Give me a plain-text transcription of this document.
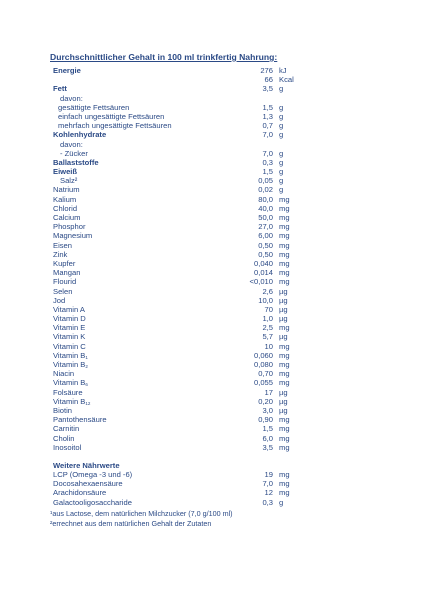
Durchschnittlicher Gehalt in 100 ml trinkfertig Nahrung:
Energie	276 kJ
66 Kcal
Fett	3,5 g
davon:
gesättigte Fettsäuren	1,5 g
einfach ungesättigte Fettsäuren	1,3 g
mehrfach ungesättigte Fettsäuren	0,7 g
Kohlenhydrate	7,0 g
davon:
- Zücker	7,0 g
Ballaststoffe	0,3 g
Eiweiß	1,5 g
Salz²	0,05 g
Natrium	0,02 g
Kalium	80,0 mg
Chlorid	40,0 mg
Calcium	50,0 mg
Phosphor	27,0 mg
Magnesium	6,00 mg
Eisen	0,50 mg
Zink	0,50 mg
Kupfer	0,040 mg
Mangan	0,014 mg
Flourid	<0,010 mg
Selen	2,6 µg
Jod	10,0 µg
Vitamin A	70 µg
Vitamin D	1,0 µg
Vitamin E	2,5 mg
Vitamin K	5,7 µg
Vitamin C	10 mg
Vitamin $B_1$	0,060 mg
Vitamin $B_2$	0,080 mg
Niacin	0,70 mg
Vitamin $B_6$	0,055 mg
Folsäure	17 µg
Vitamin $B_{12}$	0,20 µg
Biotin	3,0 µg
Pantothensäure	0,90 mg
Carnitin	1,5 mg
Cholin	6,0 mg
Inosoitol	3,5 mg
Weitere Nährwerte
LCP (Omega -3 und -6)	19 mg
Docosahexaensäure	7,0 mg
Arachidonsäure	12 mg
Galactooligosaccharide	0,3 g
¹aus Lactose, dem natürlichen Milchzucker (7,0 g/100 ml)
²errechnet aus dem natürlichen Gehalt der Zutaten
